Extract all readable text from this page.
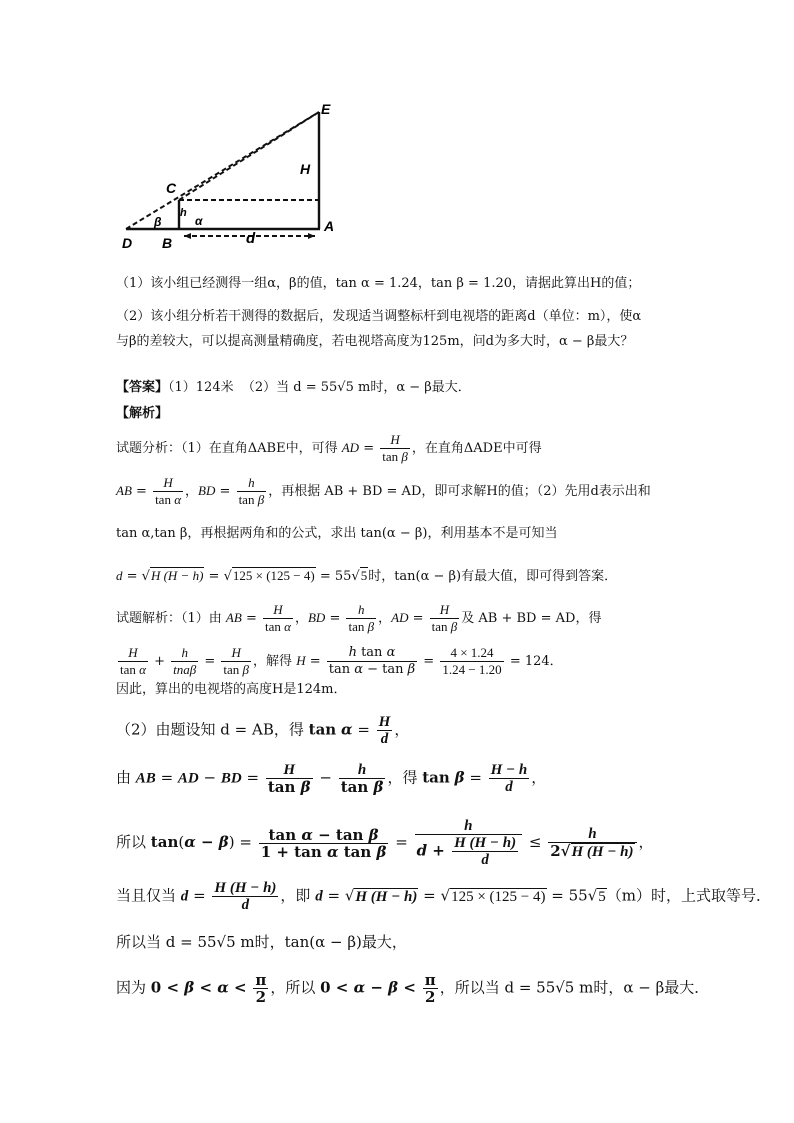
E
C
H
A
D B	d
β	α
h
（1）该小组已经测得一组α，β的值，tan α = 1.24，tan β = 1.20，请据此算出H的值；
（2）该小组分析若干测得的数据后，发现适当调整标杆到电视塔的距离d（单位：m），使α
与β的差较大，可以提高测量精确度，若电视塔高度为125m，问d为多大时，α − β最大？
【答案】（1）124米 （2）当 d = 55√5 m时，α − β最大．
【解析】
试题分析：（1）在直角ΔABE中，可得 AD = $\frac{H}{\text{tan β}}$ ，在直角ΔADE中可得
AB = $\frac{H}{\text{tan α}}$ ，BD = $\frac{h}{\text{tan β}}$ ，再根据 AB + BD = AD，即可求解H的值；（2）先用d表示出和
tan α,tan β，再根据两角和的公式，求出 tan(α − β)，利用基本不是可知当
d = √H (H − h) = √125 × (125 − 4) = 55√5时，tan(α − β)有最大值，即可得到答案．
试题解析：（1）由 AB = $\frac{H}{\text{tan α}}$ ，BD = $\frac{h}{\text{tan β}}$ ，AD = $\frac{H}{\text{tan β}}$ 及 AB + BD = AD，得
$\frac{H}{\text{tan α}} + \frac{h}{\text{tnaβ}} = \frac{H}{\text{tan β}}$ ，解得 $H = \frac{\text{h tan α}}{\text{tan α − tan β}} = \frac{4 \times 1.24}{1.24 - 1.20} = 124$．
因此，算出的电视塔的高度H是124m．
（2）由题设知 d = AB，得 $\tan \alpha = \frac{H}{d}$ ，
由 AB = AD − BD = $\frac{H}{\text{tan β}} - \frac{h}{\text{tan β}}$ ，得 $\tan \beta = \frac{H - h}{d}$ ，
所以 $\tan(\alpha - \beta) = \frac{\text{tan α − tan β}}{\text{1 + tan α tan β}} = \frac{h}{d + \frac{H (H - h)}{d}} \le \frac{h}{2√H (H - h)}$ ，
当且仅当 $d = \frac{H (H - h)}{d}$ ，即 d = √H (H − h) = √125 × (125 − 4) = 55√5（m）时，上式取等号．
所以当 d = 55√5 m时，tan(α − β)最大，
因为 $0 < \beta < \alpha < \frac{\pi}{2}$ ，所以 $0 < \alpha - \beta < \frac{\pi}{2}$ ，所以当 d = 55√5 m时，α − β最大．
